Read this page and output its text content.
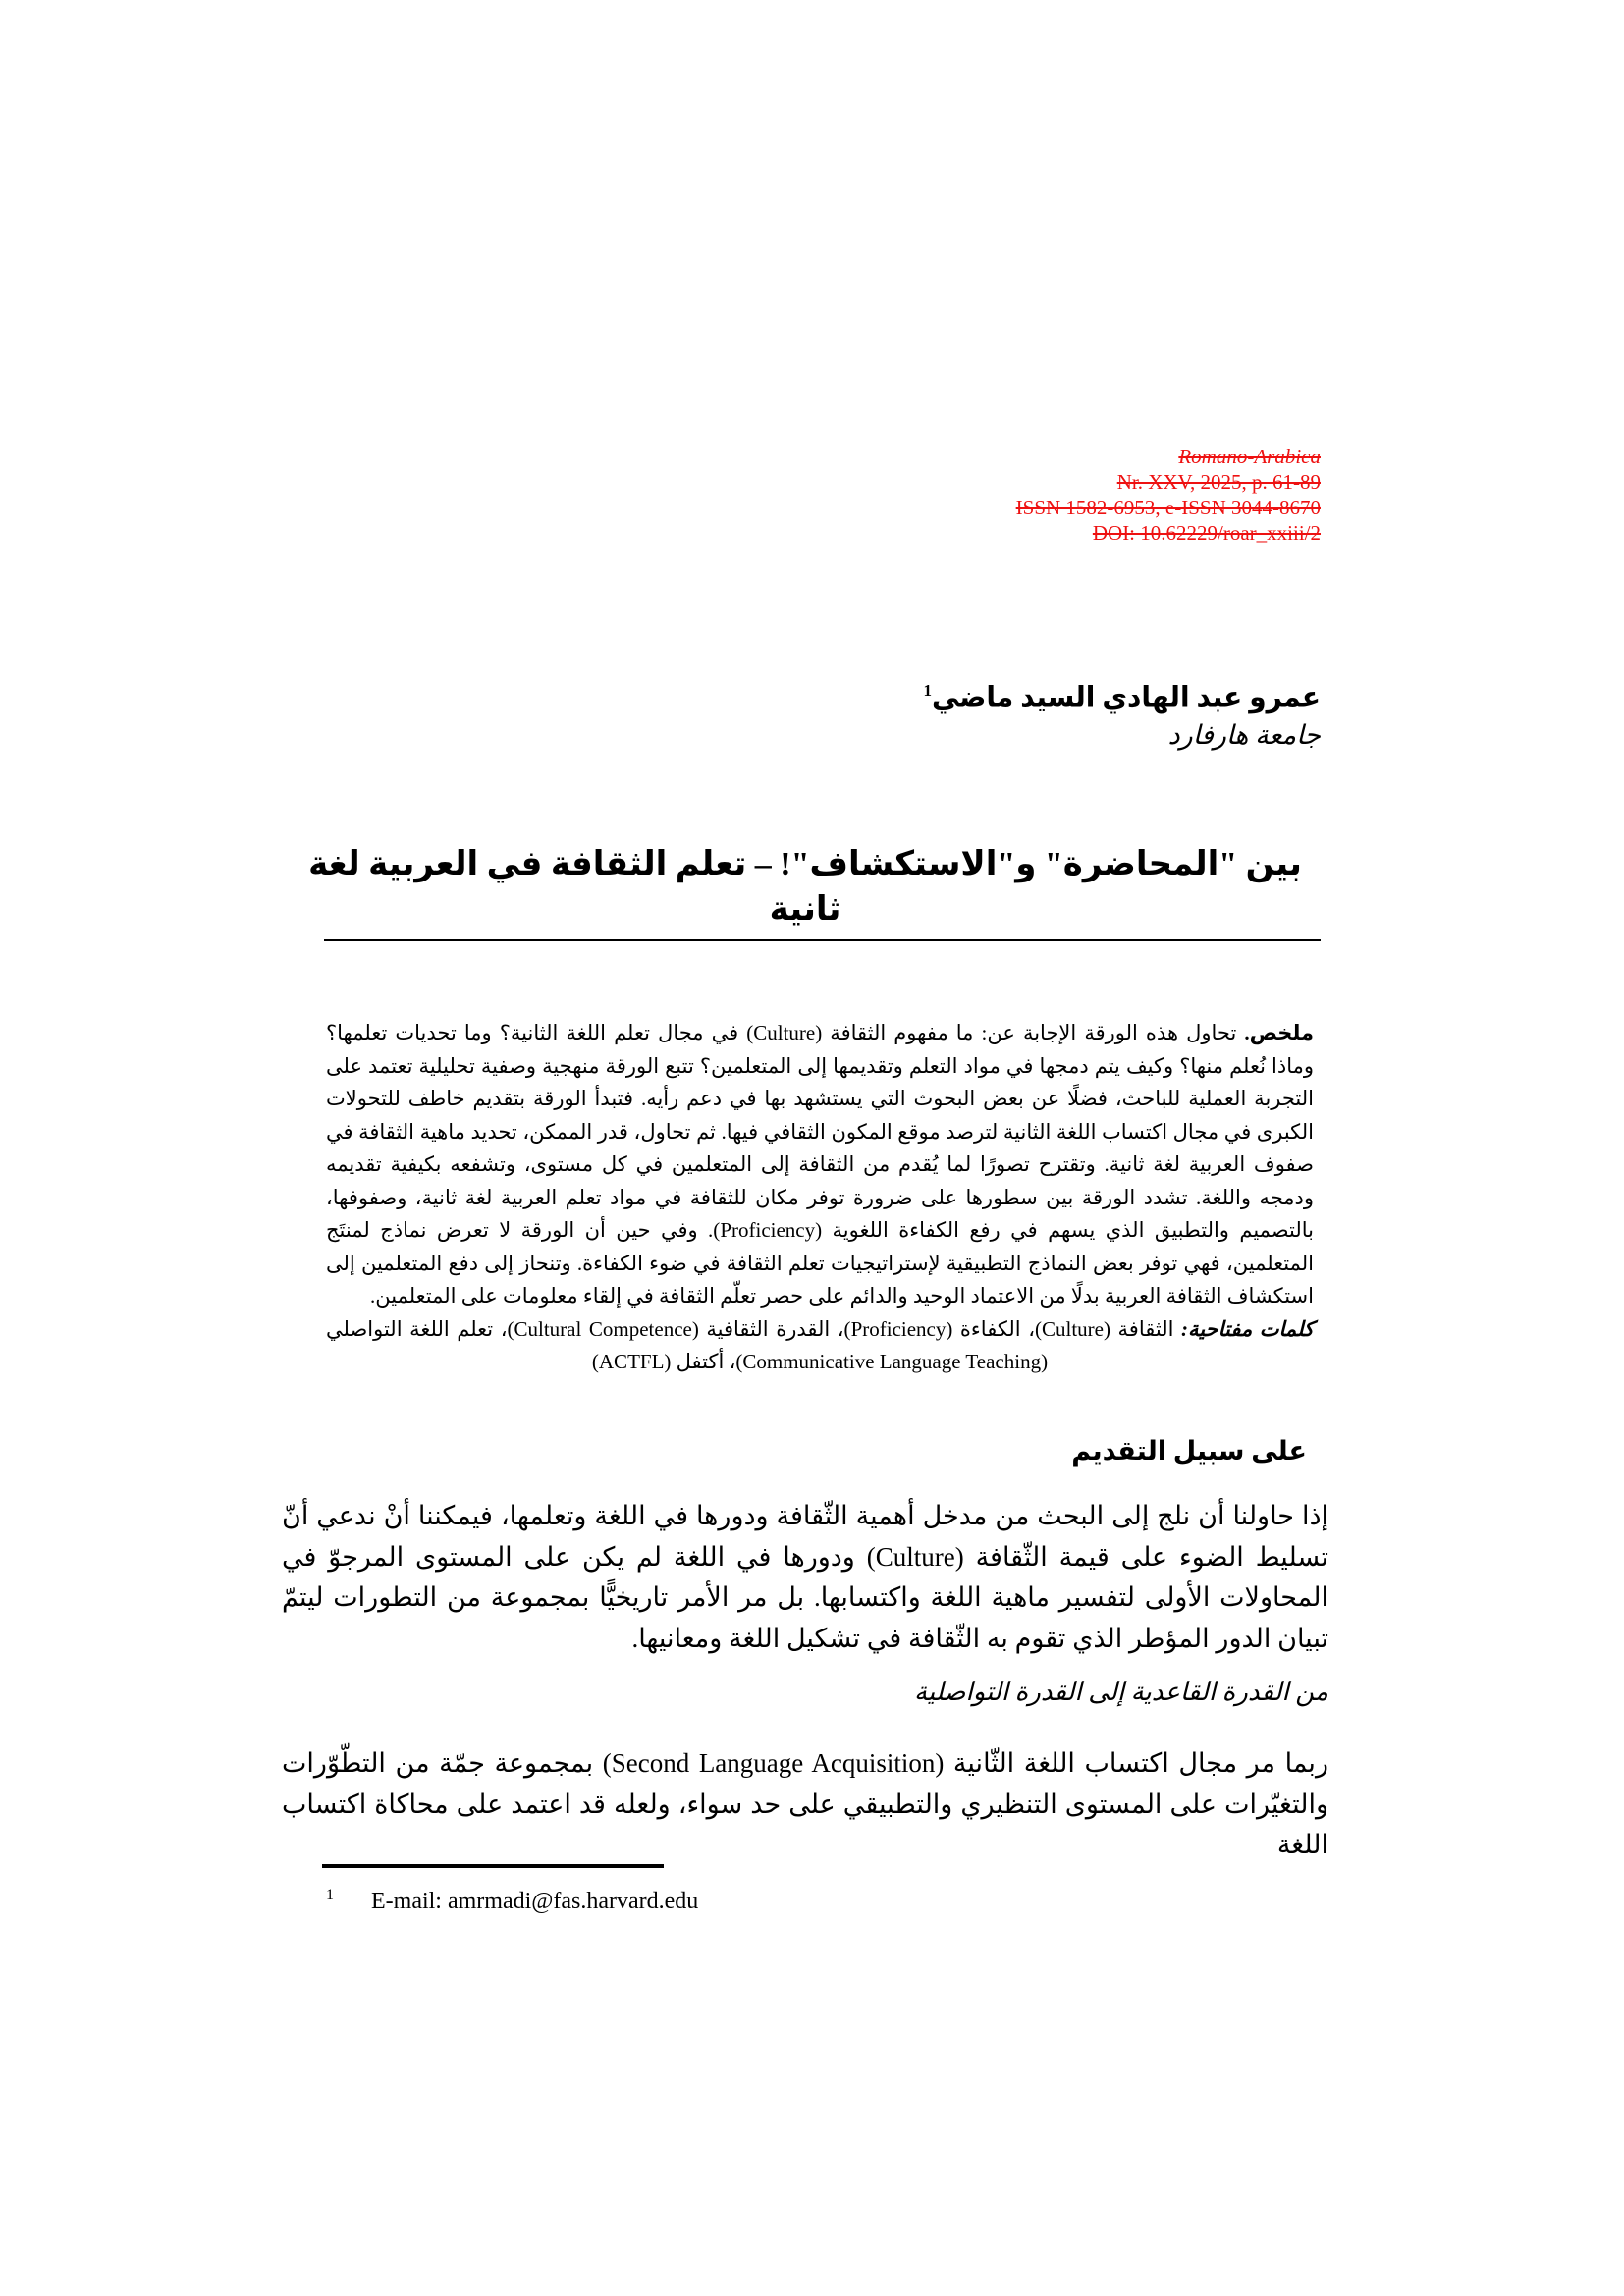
Romano-Arabica
Nr. XXV, 2025, p. 61-89
ISSN 1582-6953, e-ISSN 3044-8670
DOI: 10.62229/roar_xxiii/2
عمرو عبد الهادي السيد ماضي$^1$
جامعة هارفارد
بين "المحاضرة" و"الاستكشاف"! – تعلم الثقافة في العربية لغة ثانية

ملخص. تحاول هذه الورقة الإجابة عن: ما مفهوم الثقافة (Culture) في مجال تعلم اللغة الثانية؟ وما تحديات تعلمها؟ وماذا نُعلم منها؟ وكيف يتم دمجها في مواد التعلم وتقديمها إلى المتعلمين؟ تتبع الورقة منهجية وصفية تحليلية تعتمد على التجربة العملية للباحث، فضلًا عن بعض البحوث التي يستشهد بها في دعم رأيه. فتبدأ الورقة بتقديم خاطف للتحولات الكبرى في مجال اكتساب اللغة الثانية لترصد موقع المكون الثقافي فيها. ثم تحاول، قدر الممكن، تحديد ماهية الثقافة في صفوف العربية لغة ثانية. وتقترح تصورًا لما يُقدم من الثقافة إلى المتعلمين في كل مستوى، وتشفعه بكيفية تقديمه ودمجه واللغة. تشدد الورقة بين سطورها على ضرورة توفر مكان للثقافة في مواد تعلم العربية لغة ثانية، وصفوفها، بالتصميم والتطبيق الذي يسهم في رفع الكفاءة اللغوية (Proficiency). وفي حين أن الورقة لا تعرض نماذج لمنتَج المتعلمين، فهي توفر بعض النماذج التطبيقية لإستراتيجيات تعلم الثقافة في ضوء الكفاءة. وتنحاز إلى دفع المتعلمين إلى استكشاف الثقافة العربية بدلًا من الاعتماد الوحيد والدائم على حصر تعلّم الثقافة في إلقاء معلومات على المتعلمين.

كلمات مفتاحية: الثقافة (Culture)، الكفاءة (Proficiency)، القدرة الثقافية (Cultural Competence)، تعلم اللغة التواصلي (Communicative Language Teaching)، أكتفل (ACTFL)

على سبيل التقديم

إذا حاولنا أن نلج إلى البحث من مدخل أهمية الثّقافة ودورها في اللغة وتعلمها، فيمكننا أنْ ندعي أنّ تسليط الضوء على قيمة الثّقافة (Culture) ودورها في اللغة لم يكن على المستوى المرجوّ في المحاولات الأولى لتفسير ماهية اللغة واكتسابها. بل مر الأمر تاريخيًّا بمجموعة من التطورات ليتمّ تبيان الدور المؤطر الذي تقوم به الثّقافة في تشكيل اللغة ومعانيها.

من القدرة القاعدية إلى القدرة التواصلية

ربما مر مجال اكتساب اللغة الثّانية (Second Language Acquisition) بمجموعة جمّة من التطّوّرات والتغيّرات على المستوى التنظيري والتطبيقي على حد سواء، ولعله قد اعتمد على محاكاة اكتساب اللغة

$^1$ E-mail: amrmadi@fas.harvard.edu
